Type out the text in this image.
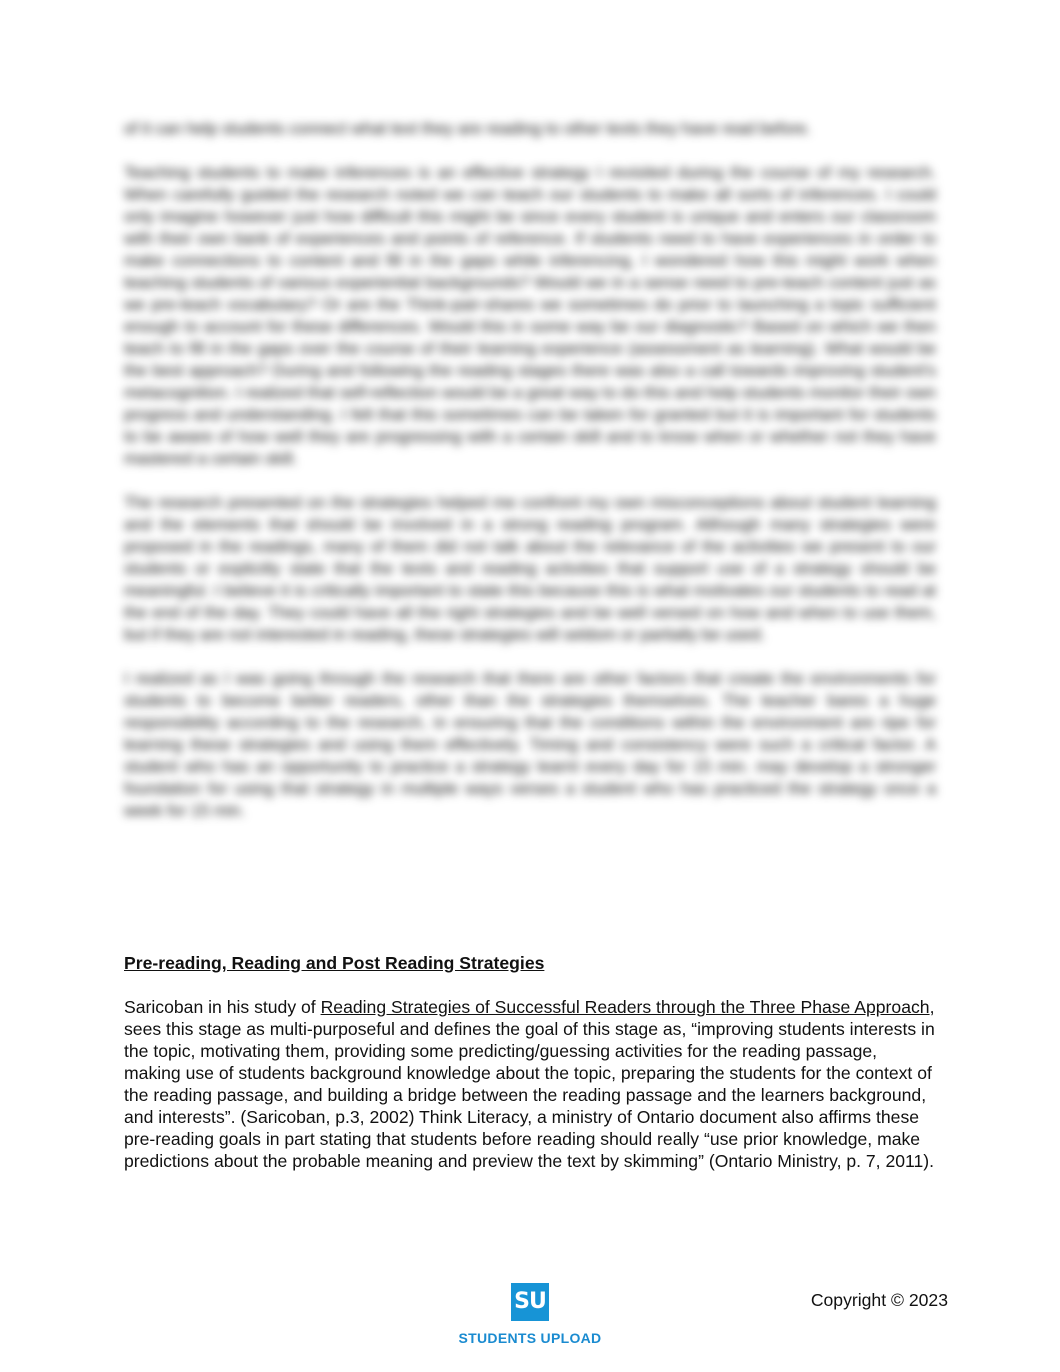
of it can help students connect what text they are reading to other texts they have read before.

Teaching students to make inferences is an effective strategy I revisited during the course of my research. When carefully guided the research noted we can teach our students to make all sorts of inferences. I could only imagine however just how difficult this might be since every student is unique and enters our classroom with their own bank of experiences and points of reference. If students need to have experiences in order to make connections to content and fill in the gaps while inferencing, I wondered how this might work when teaching students of various experiential backgrounds? Would we in a sense need to pre-teach content just as we pre-teach vocabulary? Or are the Think-pair-shares we sometimes do prior to launching a topic sufficient enough to account for these differences. Would this in some way be our diagnostic? Based on which we then teach to fill in the gaps over the course of their learning experience (assessment as learning). What would be the best approach? During and following the reading stages there was also a call towards improving student's metacognition. I realized that self-reflection would be a great way to do this and help students monitor their own progress and understanding. I felt that this sometimes can be taken for granted but it is important for students to be aware of how well they are progressing with a certain skill and to know when or whether not they have mastered a certain skill.

The research presented on the strategies helped me confront my own misconceptions about student learning and the elements that should be involved in a strong reading program. Although many strategies were proposed in the readings, many of them did not talk about the relevance of the activities we present to our students or explicitly state that the texts and reading activities that support use of a strategy should be meaningful. I believe it is critically important to state this because this is what motivates our students to read at the end of the day. They could have all the right strategies and be well versed on how and when to use them, but if they are not interested in reading, these strategies will seldom or partially be used.

I realized as I was going through the research that there are other factors that create the environments for students to become better readers, other than the strategies themselves. The teacher bares a huge responsibility according to the research, in ensuring that the conditions within the environment are ripe for learning these strategies and using them effectively. Timing and consistency were such a critical factor. A student who has an opportunity to practice a strategy learnt every day for 15 min. may develop a stronger foundation for using that strategy in multiple ways verses a student who has practiced the strategy once a week for 15 min.

Pre-reading, Reading and Post Reading Strategies

Saricoban in his study of Reading Strategies of Successful Readers through the Three Phase Approach, sees this stage as multi-purposeful and defines the goal of this stage as, “improving students interests in the topic, motivating them, providing some predicting/guessing activities for the reading passage, making use of students background knowledge about the topic, preparing the students for the context of the reading passage, and building a bridge between the reading passage and the learners background, and interests”. (Saricoban, p.3, 2002) Think Literacy, a ministry of Ontario document also affirms these pre-reading goals in part stating that students before reading should really “use prior knowledge, make predictions about the probable meaning and preview the text by skimming” (Ontario Ministry, p. 7, 2011).

SU
STUDENTS UPLOAD
Copyright © 2023
